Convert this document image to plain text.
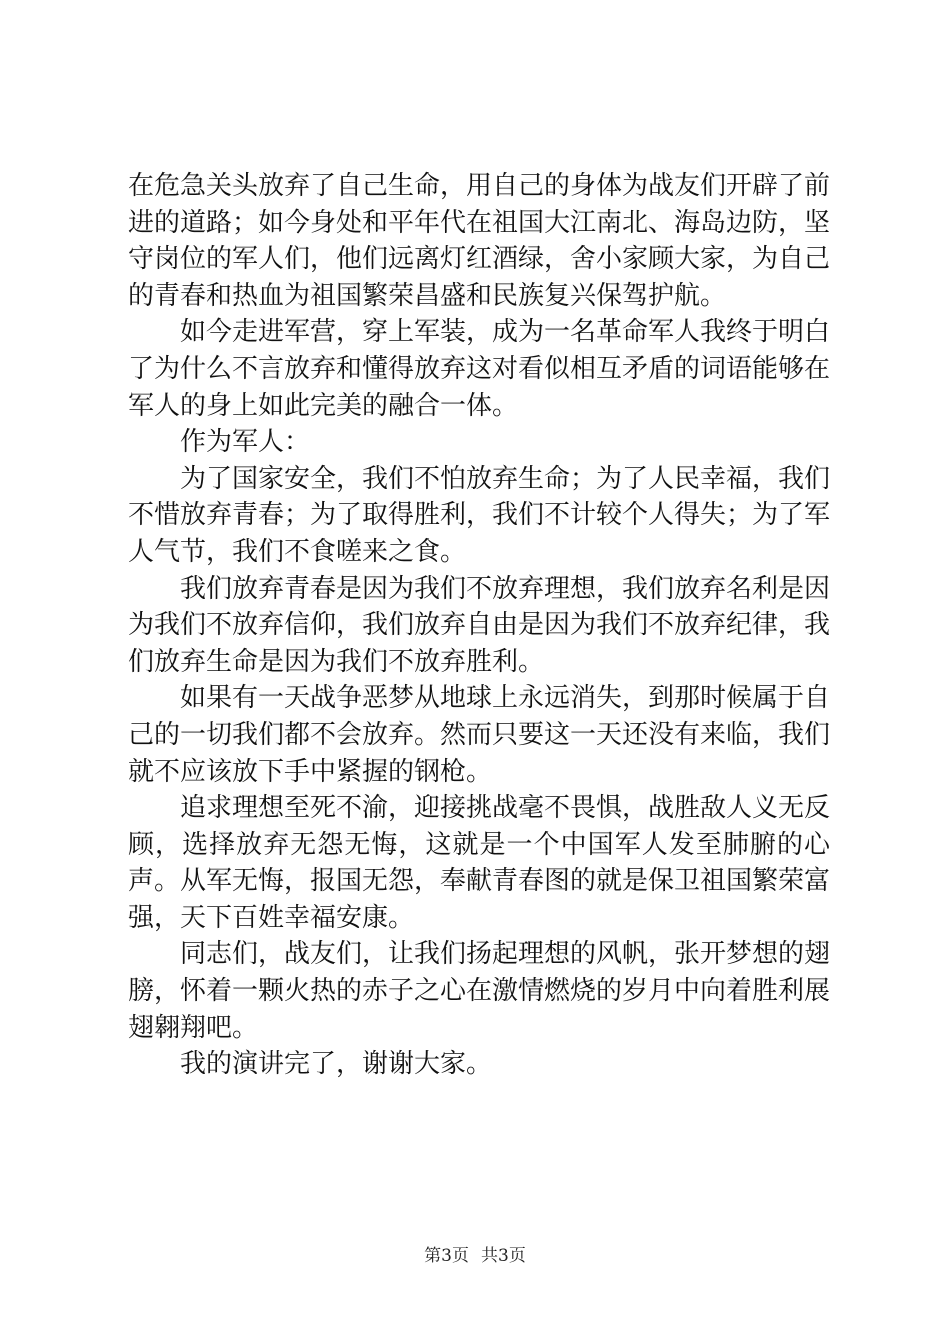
在危急关头放弃了自己生命，用自己的身体为战友们开辟了前进的道路；如今身处和平年代在祖国大江南北、海岛边防，坚守岗位的军人们，他们远离灯红酒绿，舍小家顾大家，为自己的青春和热血为祖国繁荣昌盛和民族复兴保驾护航。

如今走进军营，穿上军装，成为一名革命军人我终于明白了为什么不言放弃和懂得放弃这对看似相互矛盾的词语能够在军人的身上如此完美的融合一体。

作为军人：

为了国家安全，我们不怕放弃生命；为了人民幸福，我们不惜放弃青春；为了取得胜利，我们不计较个人得失；为了军人气节，我们不食嗟来之食。

我们放弃青春是因为我们不放弃理想，我们放弃名利是因为我们不放弃信仰，我们放弃自由是因为我们不放弃纪律，我们放弃生命是因为我们不放弃胜利。

如果有一天战争恶梦从地球上永远消失，到那时候属于自己的一切我们都不会放弃。然而只要这一天还没有来临，我们就不应该放下手中紧握的钢枪。

追求理想至死不渝，迎接挑战毫不畏惧，战胜敌人义无反顾，选择放弃无怨无悔，这就是一个中国军人发至肺腑的心声。从军无悔，报国无怨，奉献青春图的就是保卫祖国繁荣富强，天下百姓幸福安康。

同志们，战友们，让我们扬起理想的风帆，张开梦想的翅膀，怀着一颗火热的赤子之心在激情燃烧的岁月中向着胜利展翅翱翔吧。

我的演讲完了，谢谢大家。

第3页 共3页
